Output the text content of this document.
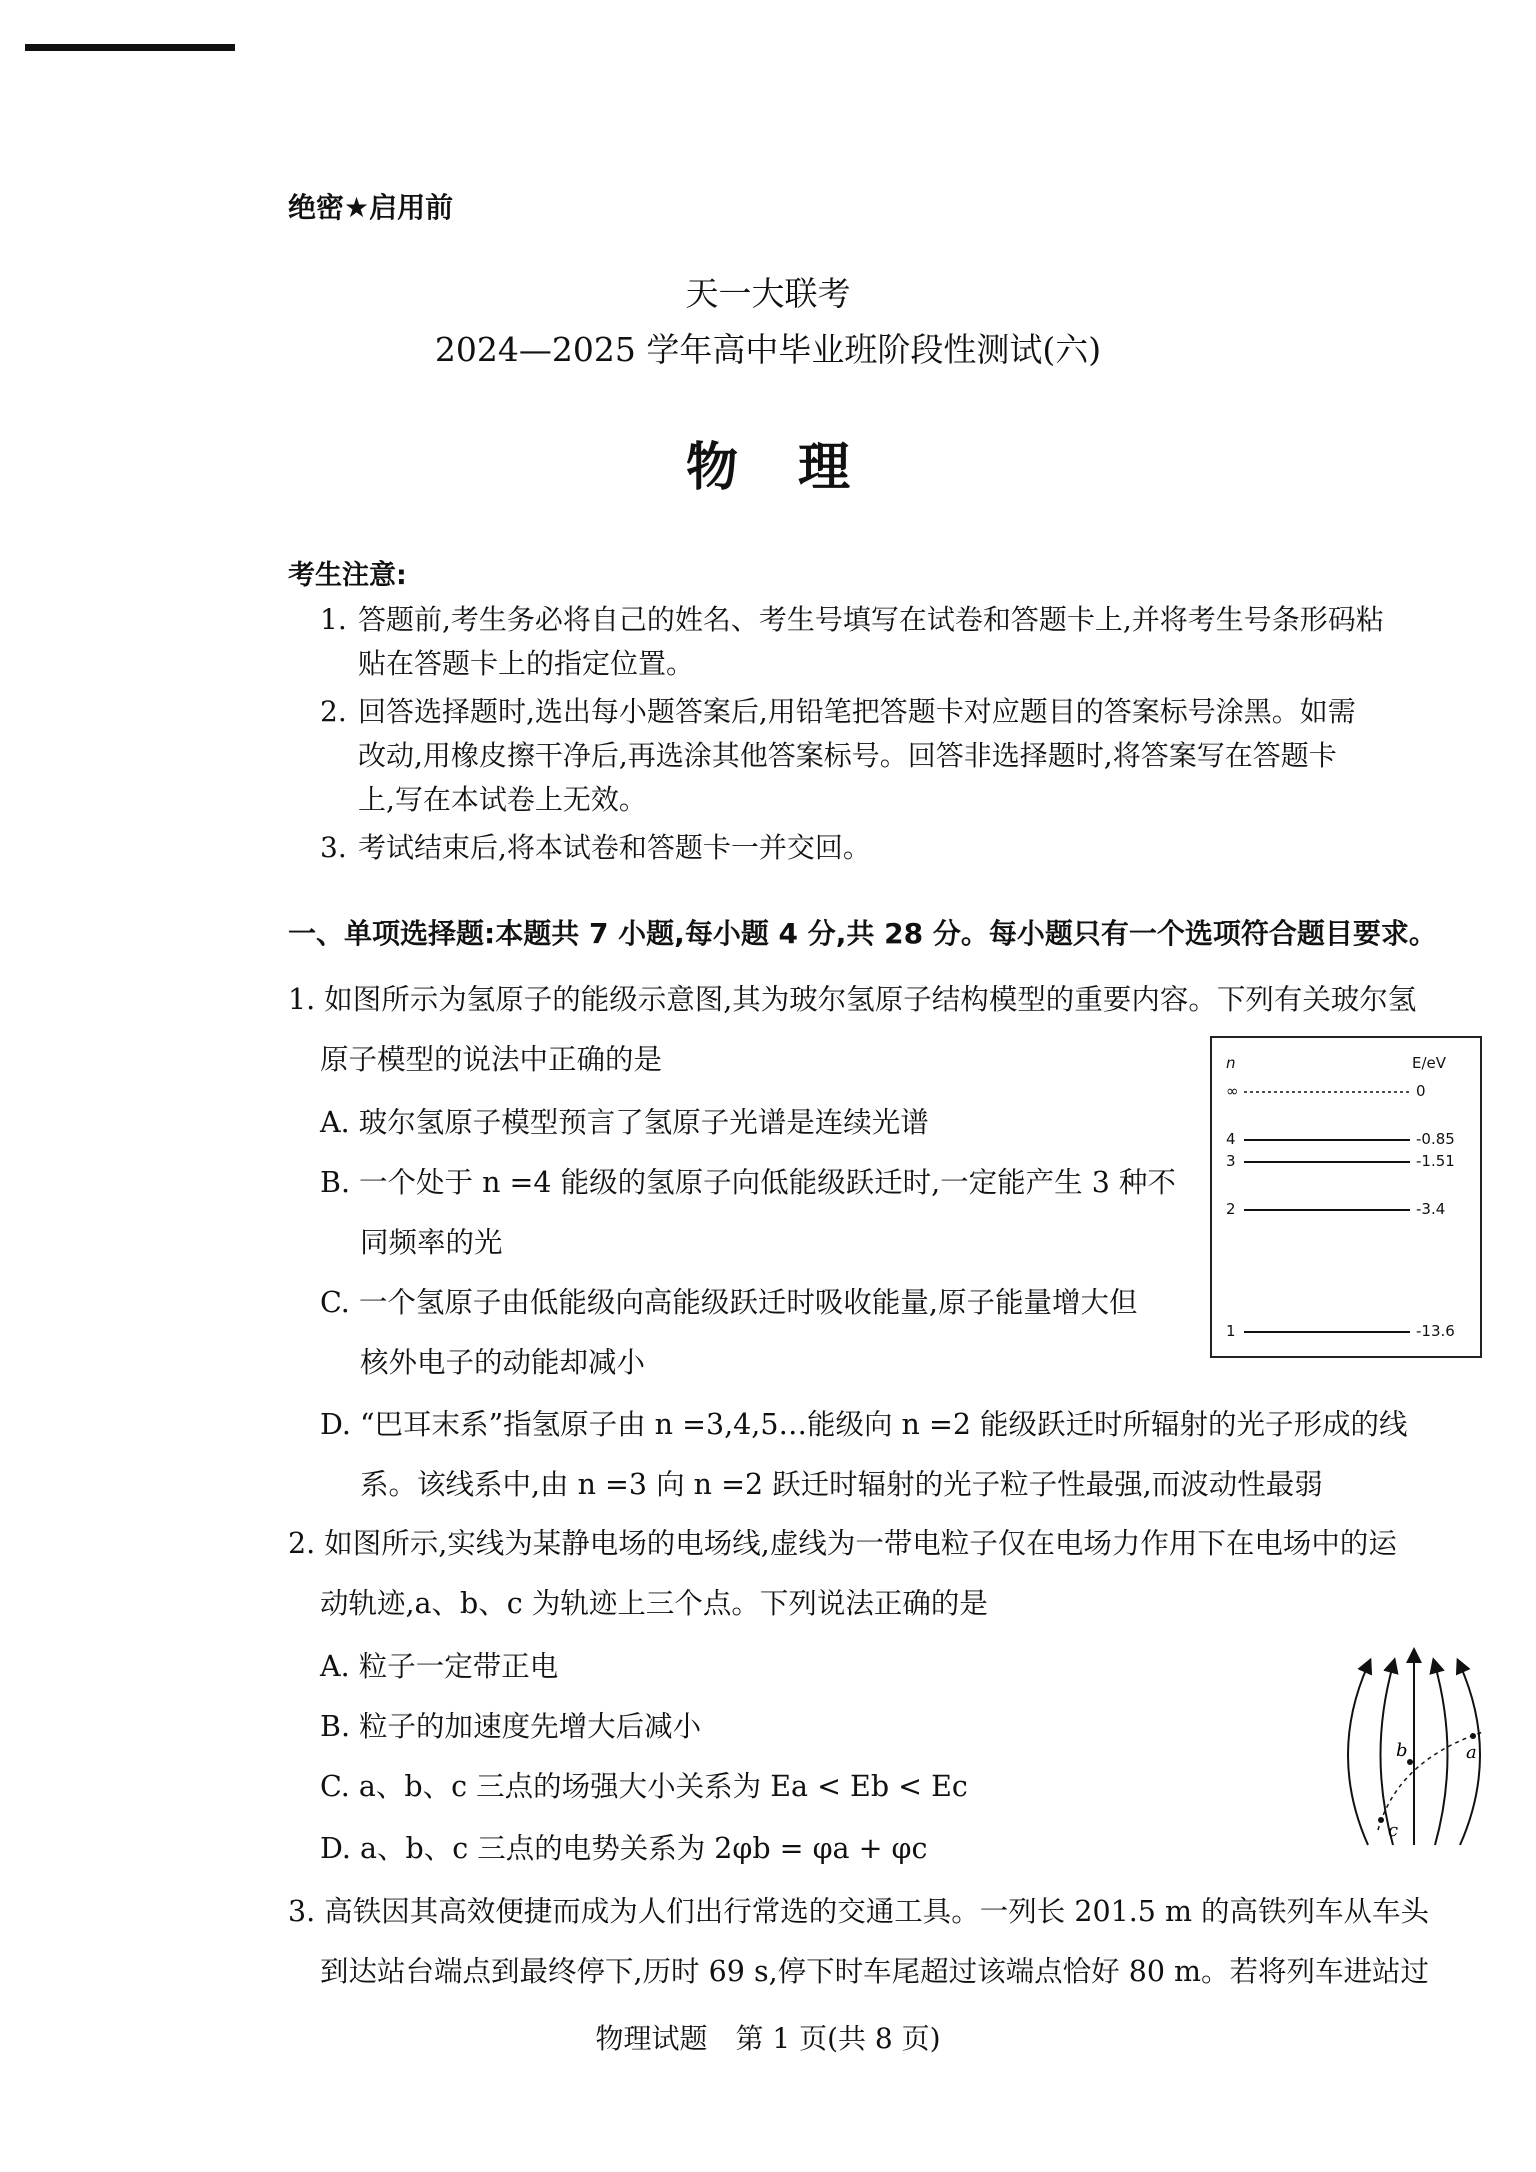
绝密★启用前
天一大联考
2024—2025 学年高中毕业班阶段性测试(六)
物理
考生注意:
1. 答题前,考生务必将自己的姓名、考生号填写在试卷和答题卡上,并将考生号条形码粘
贴在答题卡上的指定位置。
2. 回答选择题时,选出每小题答案后,用铅笔把答题卡对应题目的答案标号涂黑。如需
改动,用橡皮擦干净后,再选涂其他答案标号。回答非选择题时,将答案写在答题卡
上,写在本试卷上无效。
3. 考试结束后,将本试卷和答题卡一并交回。
一、单项选择题:本题共 7 小题,每小题 4 分,共 28 分。每小题只有一个选项符合题目要求。
1. 如图所示为氢原子的能级示意图,其为玻尔氢原子结构模型的重要内容。下列有关玻尔氢
原子模型的说法中正确的是
A. 玻尔氢原子模型预言了氢原子光谱是连续光谱
B. 一个处于 n =4 能级的氢原子向低能级跃迁时,一定能产生 3 种不
同频率的光
C. 一个氢原子由低能级向高能级跃迁时吸收能量,原子能量增大但
核外电子的动能却减小
D. “巴耳末系”指氢原子由 n =3,4,5…能级向 n =2 能级跃迁时所辐射的光子形成的线
系。该线系中,由 n =3 向 n =2 跃迁时辐射的光子粒子性最强,而波动性最弱
n	E/eV
∞	0
4	-0.85
3	-1.51
2	-3.4
1	-13.6
2. 如图所示,实线为某静电场的电场线,虚线为一带电粒子仅在电场力作用下在电场中的运
动轨迹,a、b、c 为轨迹上三个点。下列说法正确的是
A. 粒子一定带正电
B. 粒子的加速度先增大后减小
C. a、b、c 三点的场强大小关系为 Ea < Eb < Ec
D. a、b、c 三点的电势关系为 2φb = φa + φc
a
b
c
3. 高铁因其高效便捷而成为人们出行常选的交通工具。一列长 201.5 m 的高铁列车从车头
到达站台端点到最终停下,历时 69 s,停下时车尾超过该端点恰好 80 m。若将列车进站过
物理试题　第 1 页(共 8 页)
